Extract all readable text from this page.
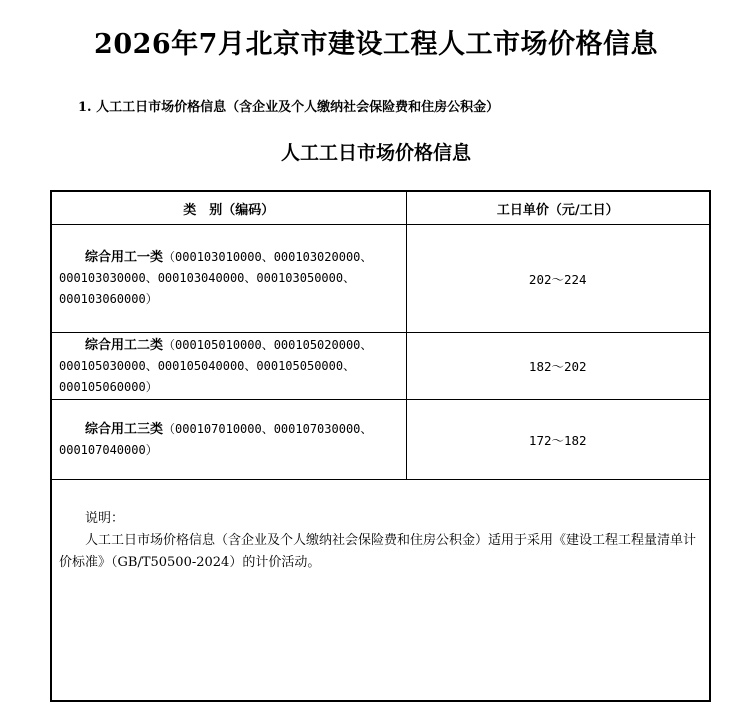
2026年7月北京市建设工程人工市场价格信息
1. 人工工日市场价格信息（含企业及个人缴纳社会保险费和住房公积金）
人工工日市场价格信息
类　别（编码）	工日单价（元/工日）
综合用工一类（000103010000、000103020000、000103030000、000103040000、000103050000、000103060000）	202～224
综合用工二类（000105010000、000105020000、000105030000、000105040000、000105050000、000105060000）	182～202
综合用工三类（000107010000、000107030000、000107040000）	172～182

说明：
人工工日市场价格信息（含企业及个人缴纳社会保险费和住房公积金）适用于采用《建设工程工程量清单计价标准》（GB/T50500-2024）的计价活动。	
